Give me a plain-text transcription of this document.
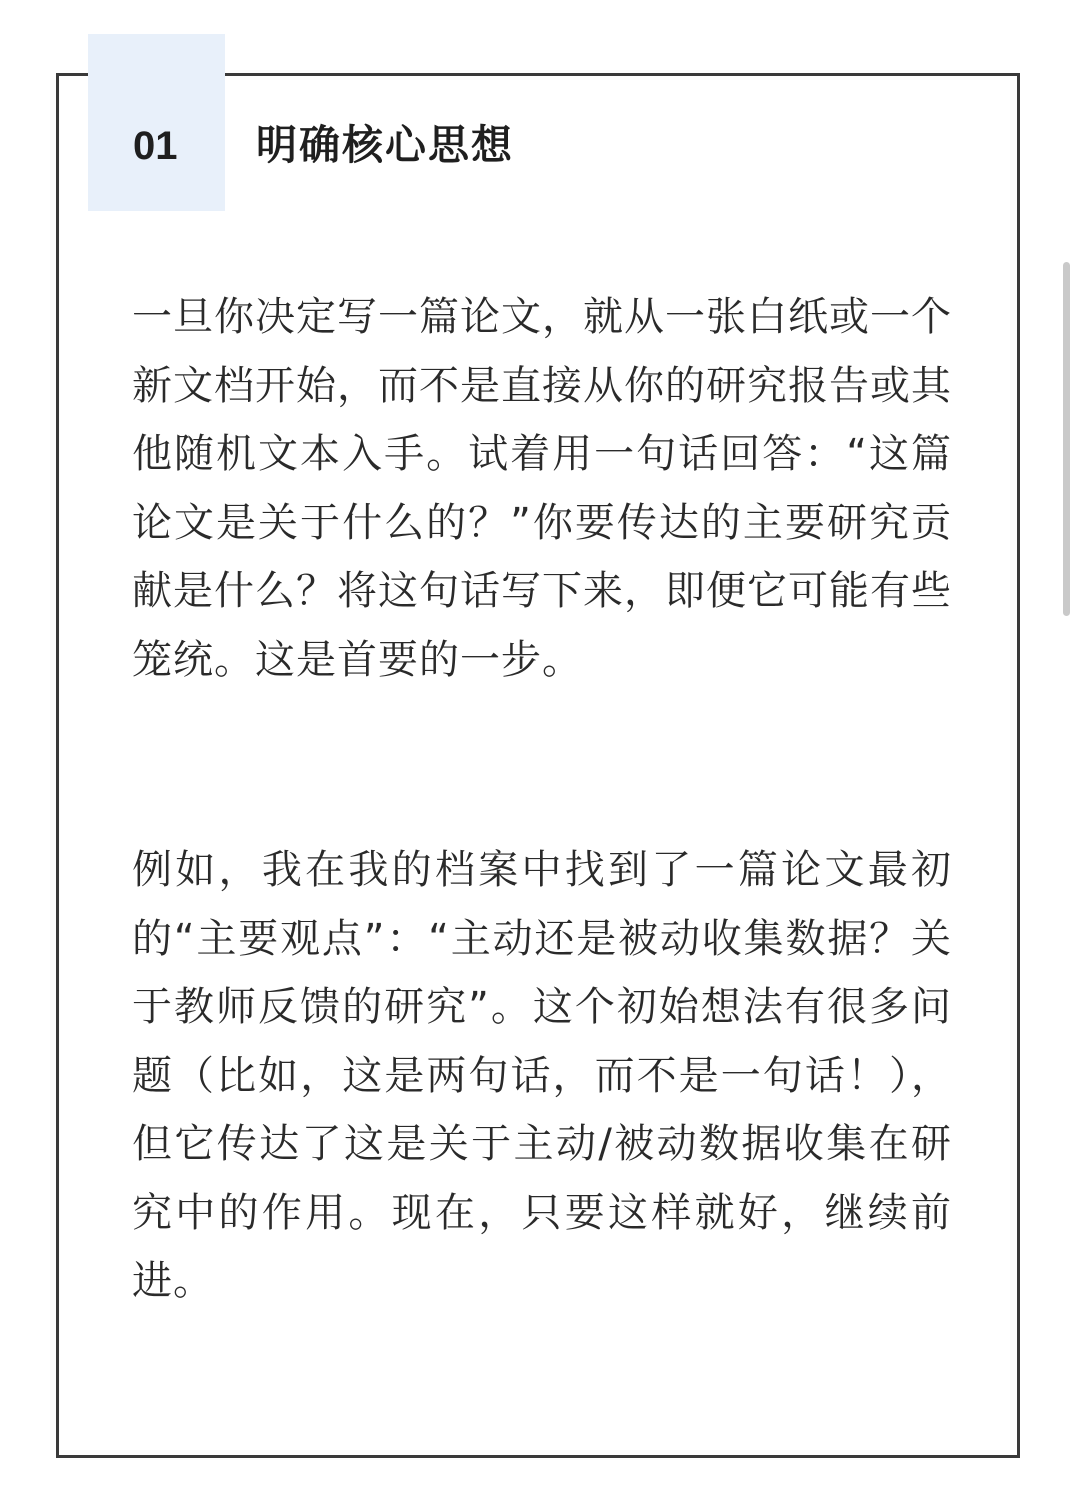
01 明确核心思想

一旦你决定写一篇论文，就从一张白纸或一个新文档开始，而不是直接从你的研究报告或其他随机文本入手。试着用一句话回答：“这篇论文是关于什么的？”你要传达的主要研究贡献是什么？将这句话写下来，即便它可能有些笼统。这是首要的一步。

例如，我在我的档案中找到了一篇论文最初的“主要观点”：“主动还是被动收集数据？关于教师反馈的研究”。这个初始想法有很多问题（比如，这是两句话，而不是一句话！），但它传达了这是关于主动/被动数据收集在研究中的作用。现在，只要这样就好，继续前进。
